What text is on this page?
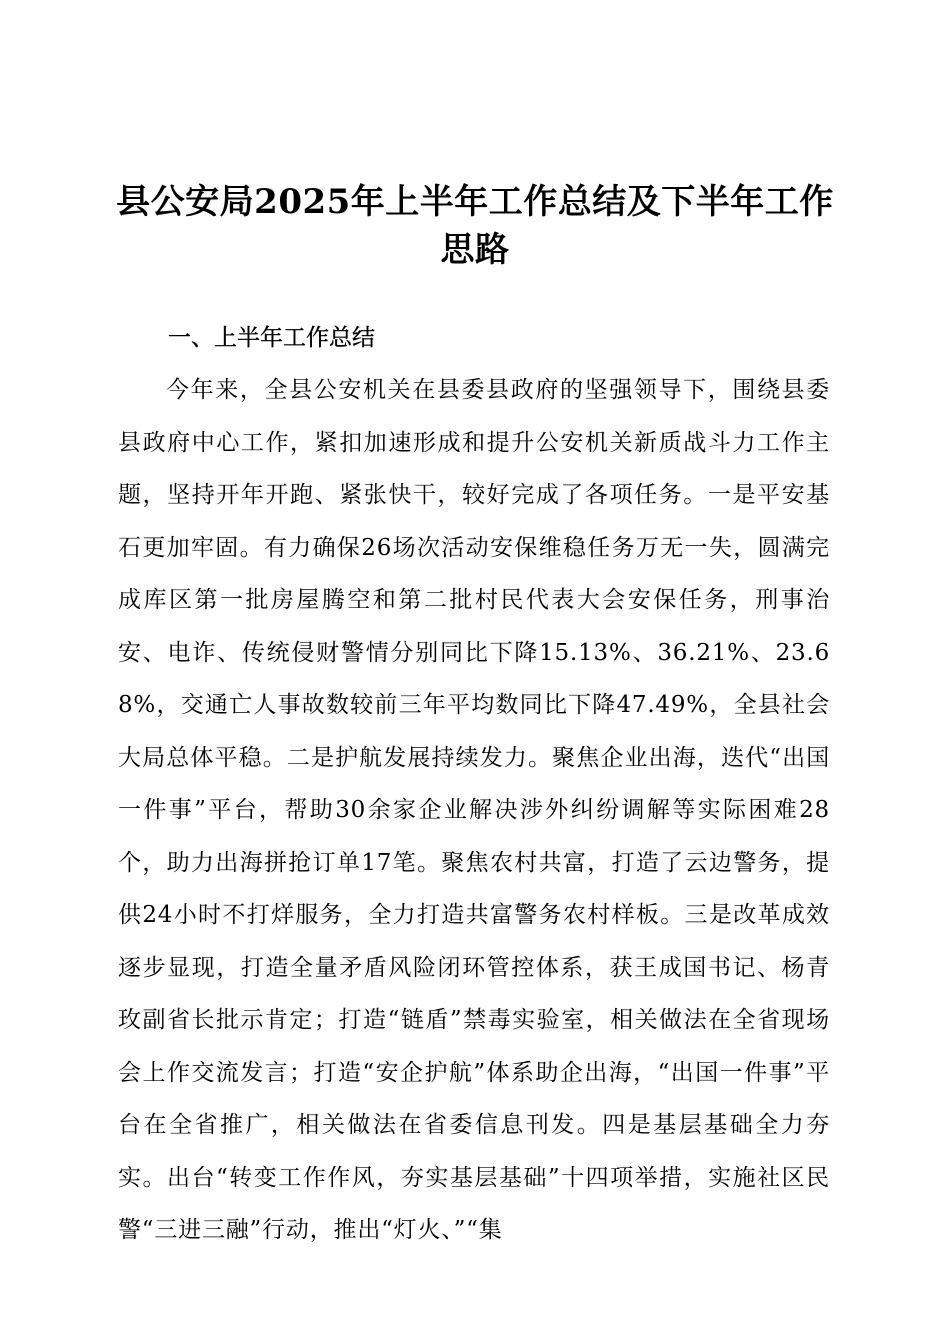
县公安局2025年上半年工作总结及下半年工作思路
一、上半年工作总结

今年来，全县公安机关在县委县政府的坚强领导下，围绕县委县政府中心工作，紧扣加速形成和提升公安机关新质战斗力工作主题，坚持开年开跑、紧张快干，较好完成了各项任务。一是平安基石更加牢固。有力确保26场次活动安保维稳任务万无一失，圆满完成库区第一批房屋腾空和第二批村民代表大会安保任务，刑事治安、电诈、传统侵财警情分别同比下降15.13%、36.21%、23.68%，交通亡人事故数较前三年平均数同比下降47.49%，全县社会大局总体平稳。二是护航发展持续发力。聚焦企业出海，迭代“出国一件事”平台，帮助30余家企业解决涉外纠纷调解等实际困难28个，助力出海拼抢订单17笔。聚焦农村共富，打造了云边警务，提供24小时不打烊服务，全力打造共富警务农村样板。三是改革成效逐步显现，打造全量矛盾风险闭环管控体系，获王成国书记、杨青玫副省长批示肯定；打造“链盾”禁毒实验室，相关做法在全省现场会上作交流发言；打造“安企护航”体系助企出海，“出国一件事”平台在全省推广，相关做法在省委信息刊发。四是基层基础全力夯实。出台“转变工作作风，夯实基层基础”十四项举措，实施社区民警“三进三融”行动，推出“灯火、”“集
